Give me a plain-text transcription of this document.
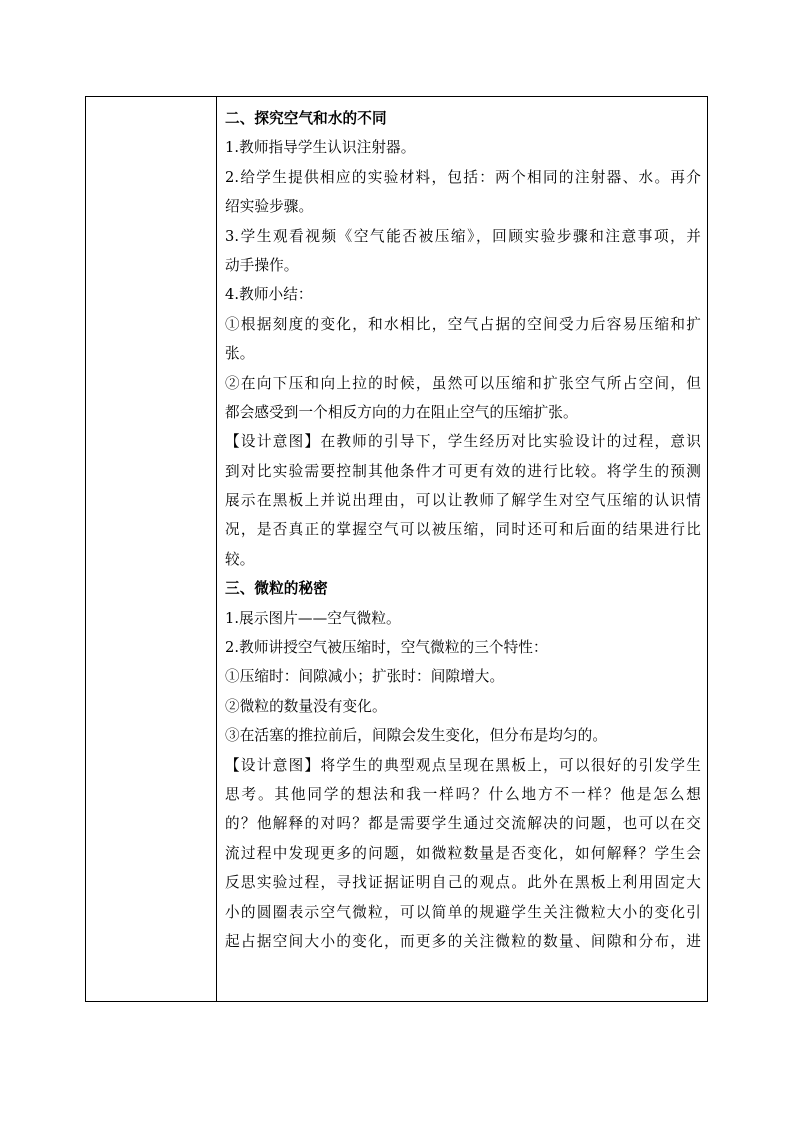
二、探究空气和水的不同
1.教师指导学生认识注射器。
2.给学生提供相应的实验材料，包括：两个相同的注射器、水。再介
绍实验步骤。
3.学生观看视频《空气能否被压缩》，回顾实验步骤和注意事项，并
动手操作。
4.教师小结：
①根据刻度的变化，和水相比，空气占据的空间受力后容易压缩和扩
张。
②在向下压和向上拉的时候，虽然可以压缩和扩张空气所占空间，但
都会感受到一个相反方向的力在阻止空气的压缩扩张。
【设计意图】在教师的引导下，学生经历对比实验设计的过程，意识
到对比实验需要控制其他条件才可更有效的进行比较。将学生的预测
展示在黑板上并说出理由，可以让教师了解学生对空气压缩的认识情
况，是否真正的掌握空气可以被压缩，同时还可和后面的结果进行比
较。
三、微粒的秘密
1.展示图片——空气微粒。
2.教师讲授空气被压缩时，空气微粒的三个特性：
①压缩时：间隙减小；扩张时：间隙增大。
②微粒的数量没有变化。
③在活塞的推拉前后，间隙会发生变化，但分布是均匀的。
【设计意图】将学生的典型观点呈现在黑板上，可以很好的引发学生
思考。其他同学的想法和我一样吗？什么地方不一样？他是怎么想
的？他解释的对吗？都是需要学生通过交流解决的问题，也可以在交
流过程中发现更多的问题，如微粒数量是否变化，如何解释？学生会
反思实验过程，寻找证据证明自己的观点。此外在黑板上利用固定大
小的圆圈表示空气微粒，可以简单的规避学生关注微粒大小的变化引
起占据空间大小的变化，而更多的关注微粒的数量、间隙和分布，进
